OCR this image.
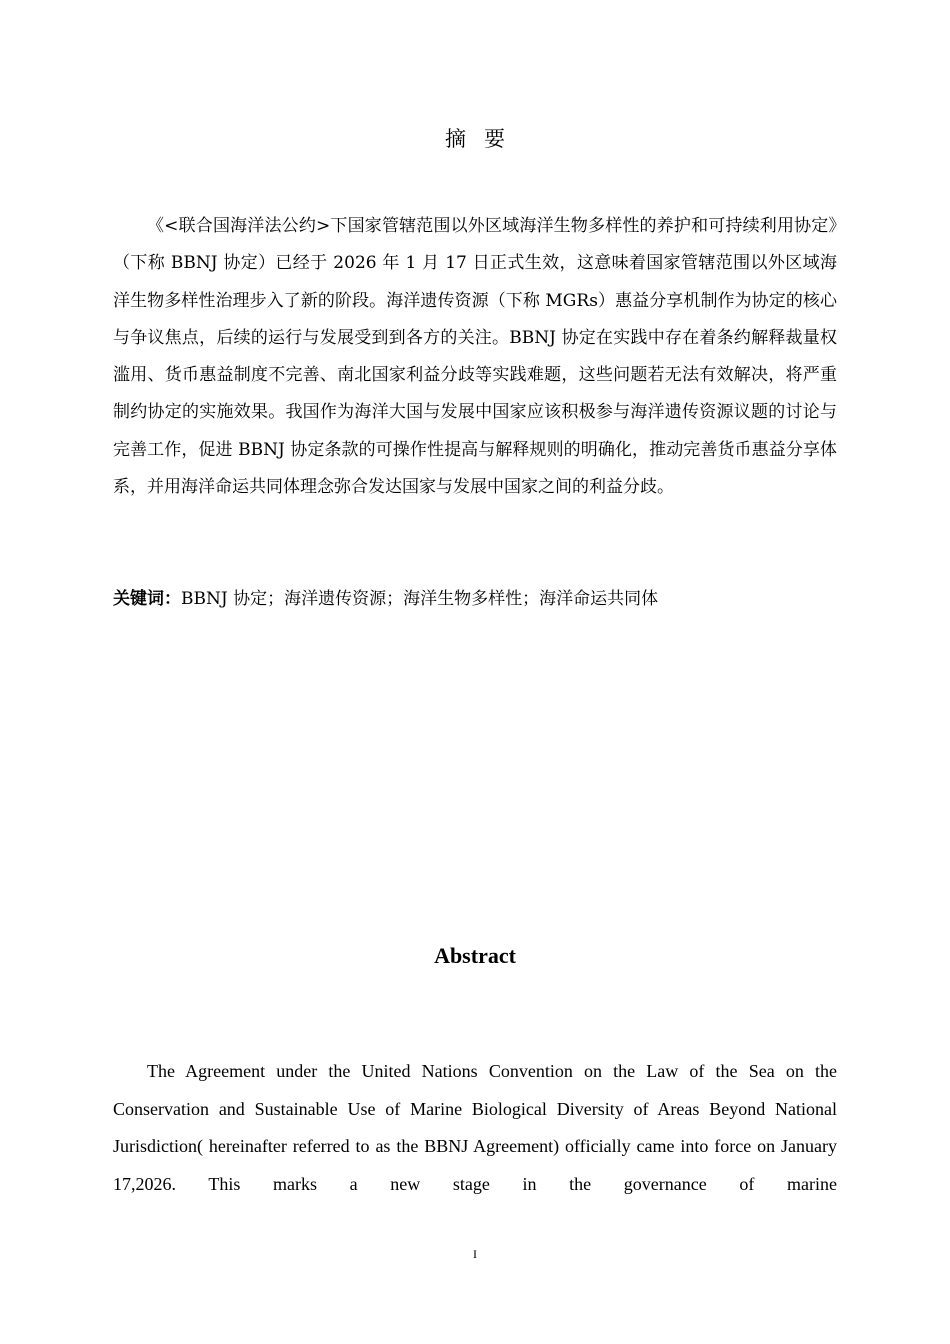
摘 要

《<联合国海洋法公约>下国家管辖范围以外区域海洋生物多样性的养护和可持续利用协定》（下称 BBNJ 协定）已经于 2026 年 1 月 17 日正式生效，这意味着国家管辖范围以外区域海洋生物多样性治理步入了新的阶段。海洋遗传资源（下称 MGRs）惠益分享机制作为协定的核心与争议焦点，后续的运行与发展受到到各方的关注。BBNJ 协定在实践中存在着条约解释裁量权滥用、货币惠益制度不完善、南北国家利益分歧等实践难题，这些问题若无法有效解决，将严重制约协定的实施效果。我国作为海洋大国与发展中国家应该积极参与海洋遗传资源议题的讨论与完善工作，促进 BBNJ 协定条款的可操作性提高与解释规则的明确化，推动完善货币惠益分享体系，并用海洋命运共同体理念弥合发达国家与发展中国家之间的利益分歧。

关键词：BBNJ 协定；海洋遗传资源；海洋生物多样性；海洋命运共同体

Abstract

The Agreement under the United Nations Convention on the Law of the Sea on the Conservation and Sustainable Use of Marine Biological Diversity of Areas Beyond National Jurisdiction( hereinafter referred to as the BBNJ Agreement) officially came into force on January 17,2026. This marks a new stage in the governance of marine

I
